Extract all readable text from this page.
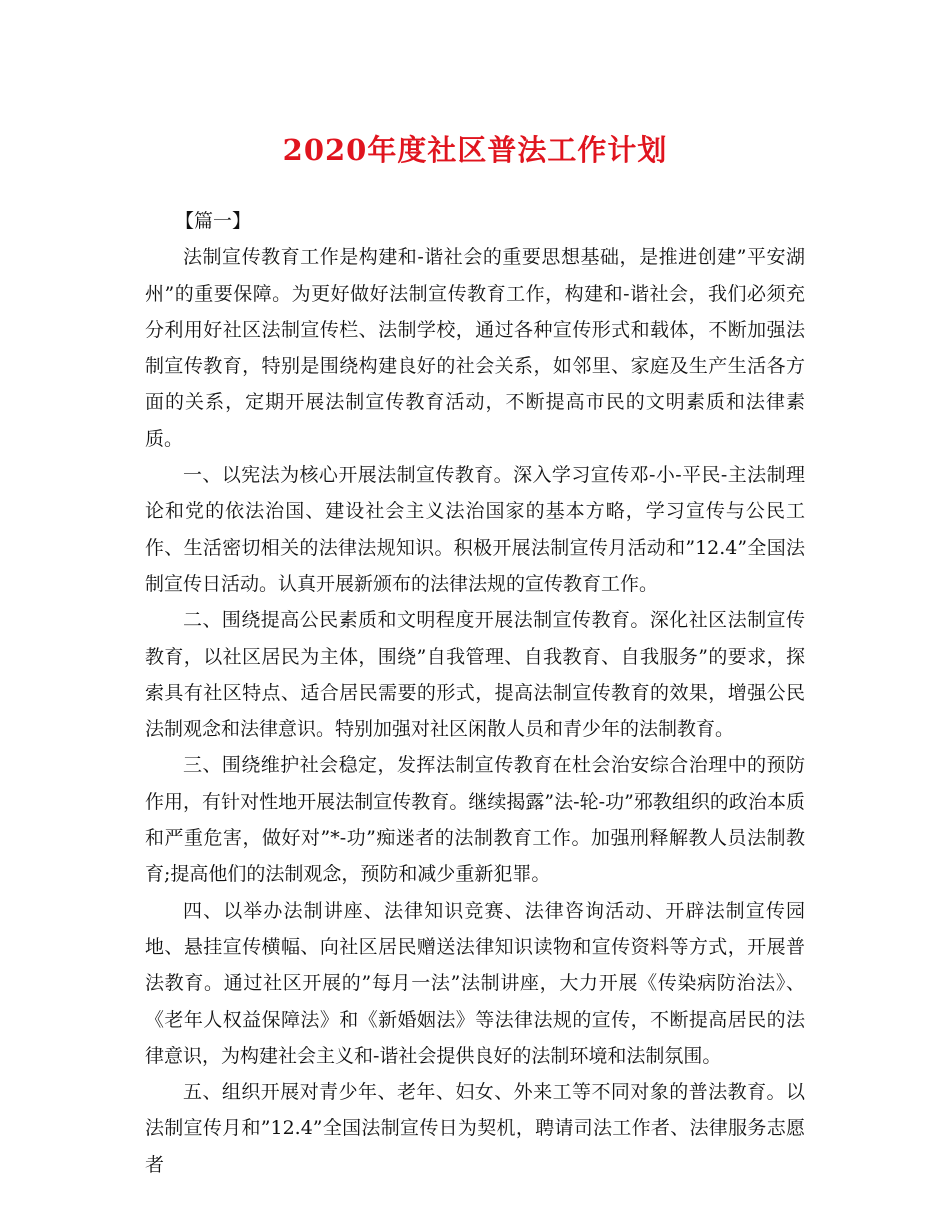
2020年度社区普法工作计划

【篇一】

法制宣传教育工作是构建和-谐社会的重要思想基础，是推进创建”平安湖州”的重要保障。为更好做好法制宣传教育工作，构建和-谐社会，我们必须充分利用好社区法制宣传栏、法制学校，通过各种宣传形式和载体，不断加强法制宣传教育，特别是围绕构建良好的社会关系，如邻里、家庭及生产生活各方面的关系，定期开展法制宣传教育活动，不断提高市民的文明素质和法律素质。

一、以宪法为核心开展法制宣传教育。深入学习宣传邓-小-平民-主法制理论和党的依法治国、建设社会主义法治国家的基本方略，学习宣传与公民工作、生活密切相关的法律法规知识。积极开展法制宣传月活动和”12.4”全国法制宣传日活动。认真开展新颁布的法律法规的宣传教育工作。

二、围绕提高公民素质和文明程度开展法制宣传教育。深化社区法制宣传教育，以社区居民为主体，围绕”自我管理、自我教育、自我服务”的要求，探索具有社区特点、适合居民需要的形式，提高法制宣传教育的效果，增强公民法制观念和法律意识。特别加强对社区闲散人员和青少年的法制教育。

三、围绕维护社会稳定，发挥法制宣传教育在杜会治安综合治理中的预防作用，有针对性地开展法制宣传教育。继续揭露”法-轮-功”邪教组织的政治本质和严重危害，做好对”*-功”痴迷者的法制教育工作。加强刑释解教人员法制教育;提高他们的法制观念，预防和减少重新犯罪。

四、以举办法制讲座、法律知识竞赛、法律咨询活动、开辟法制宣传园地、悬挂宣传横幅、向社区居民赠送法律知识读物和宣传资料等方式，开展普法教育。通过社区开展的”每月一法”法制讲座，大力开展《传染病防治法》、《老年人权益保障法》和《新婚姻法》等法律法规的宣传，不断提高居民的法律意识，为构建社会主义和-谐社会提供良好的法制环境和法制氛围。

五、组织开展对青少年、老年、妇女、外来工等不同对象的普法教育。以法制宣传月和”12.4”全国法制宣传日为契机，聘请司法工作者、法律服务志愿者
